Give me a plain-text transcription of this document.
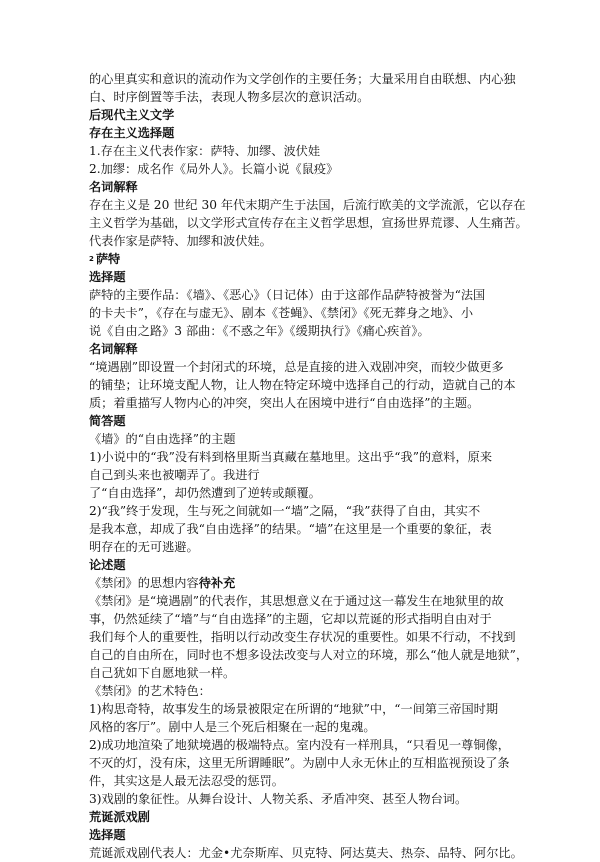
的心里真实和意识的流动作为文学创作的主要任务；大量采用自由联想、内心独
白、时序倒置等手法，表现人物多层次的意识活动。
后现代主义文学
存在主义选择题
1.存在主义代表作家：萨特、加缪、波伏娃
2.加缪：成名作《局外人》。长篇小说《鼠疫》
名词解释
存在主义是 20 世纪 30 年代末期产生于法国，后流行欧美的文学流派，它以存在
主义哲学为基础，以文学形式宣传存在主义哲学思想，宣扬世界荒谬、人生痛苦。
代表作家是萨特、加缪和波伏娃。
$^2$ 萨特
选择题
萨特的主要作品：《墙》、《恶心》（日记体）由于这部作品萨特被誉为“法国
的卡夫卡”，《存在与虚无》、剧本《苍蝇》、《禁闭》《死无葬身之地》、小
说《自由之路》3 部曲：《不惑之年》《缓期执行》《痛心疾首》。
名词解释
“境遇剧”即设置一个封闭式的环境，总是直接的进入戏剧冲突，而较少做更多
的铺垫；让环境支配人物，让人物在特定环境中选择自己的行动，造就自己的本
质；着重描写人物内心的冲突，突出人在困境中进行“自由选择”的主题。
简答题
《墙》的“自由选择”的主题
1)小说中的“我”没有料到格里斯当真藏在墓地里。这出乎“我”的意料，原来
自己到头来也被嘲弄了。我进行
了“自由选择”，却仍然遭到了逆转或颠覆。
2)“我”终于发现，生与死之间就如一“墙”之隔，“我”获得了自由，其实不
是我本意，却成了我“自由选择”的结果。“墙”在这里是一个重要的象征，表
明存在的无可逃避。
论述题
《禁闭》的思想内容待补充
《禁闭》是“境遇剧”的代表作，其思想意义在于通过这一幕发生在地狱里的故
事，仍然延续了“墙”与“自由选择”的主题，它却以荒诞的形式指明自由对于
我们每个人的重要性，指明以行动改变生存状况的重要性。如果不行动，不找到
自己的自由所在，同时也不想多设法改变与人对立的环境，那么“他人就是地狱”，
自己犹如下自愿地狱一样。
《禁闭》的艺术特色：
1)构思奇特，故事发生的场景被限定在所谓的“地狱”中，“一间第三帝国时期
风格的客厅”。剧中人是三个死后相聚在一起的鬼魂。
2)成功地渲染了地狱境遇的极端特点。室内没有一样刑具，“只看见一尊铜像，
不灭的灯，没有床，这里无所谓睡眠”。为剧中人永无休止的互相监视预设了条
件，其实这是人最无法忍受的惩罚。
3)戏剧的象征性。从舞台设计、人物关系、矛盾冲突、甚至人物台词。
荒诞派戏剧
选择题
荒诞派戏剧代表人：尤金•尤奈斯库、贝克特、阿达莫夫、热奈、品特、阿尔比。
